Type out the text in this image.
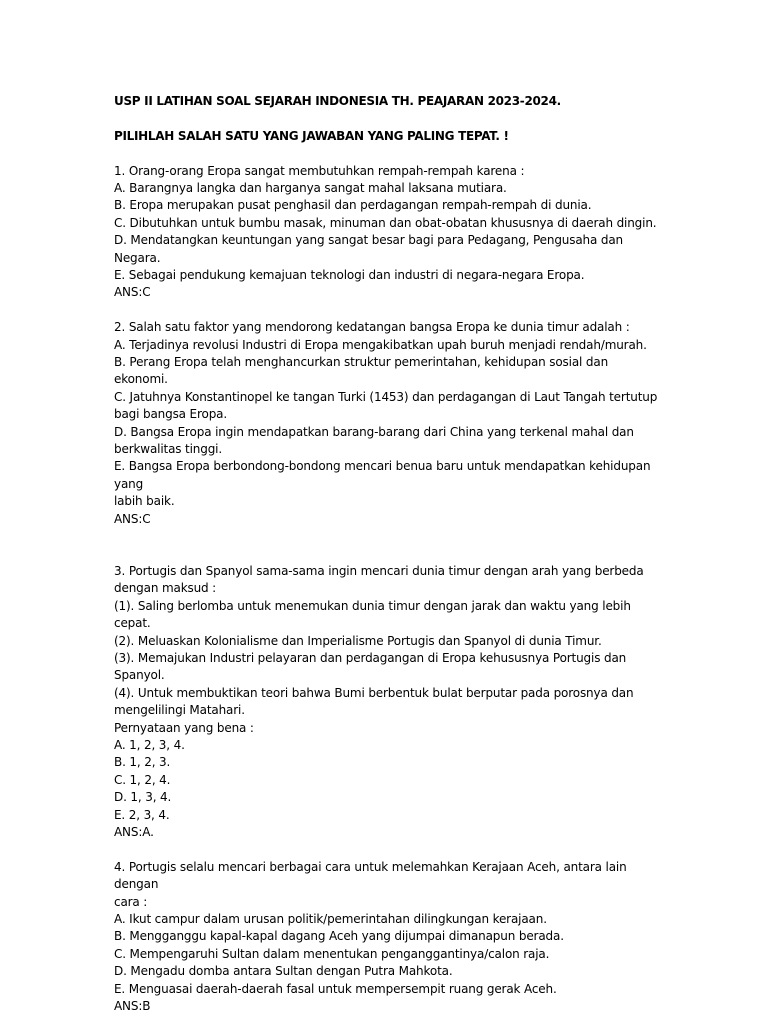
USP II LATIHAN SOAL SEJARAH INDONESIA TH. PEAJARAN 2023-2024.

PILIHLAH SALAH SATU YANG JAWABAN YANG PALING TEPAT. !

1. Orang-orang Eropa sangat membutuhkan rempah-rempah karena :
A. Barangnya langka dan harganya sangat mahal laksana mutiara.
B. Eropa merupakan pusat penghasil dan perdagangan rempah-rempah di dunia.
C. Dibutuhkan untuk bumbu masak, minuman dan obat-obatan khususnya di daerah dingin.
D. Mendatangkan keuntungan yang sangat besar bagi para Pedagang, Pengusaha dan Negara.
E. Sebagai pendukung kemajuan teknologi dan industri di negara-negara Eropa.
ANS:C
2. Salah satu faktor yang mendorong kedatangan bangsa Eropa ke dunia timur adalah :
A. Terjadinya revolusi Industri di Eropa mengakibatkan upah buruh menjadi rendah/murah.
B. Perang Eropa telah menghancurkan struktur pemerintahan, kehidupan sosial dan ekonomi.
C. Jatuhnya Konstantinopel ke tangan Turki (1453) dan perdagangan di Laut Tangah tertutup
bagi bangsa Eropa.
D. Bangsa Eropa ingin mendapatkan barang-barang dari China yang terkenal mahal dan
berkwalitas tinggi.
E. Bangsa Eropa berbondong-bondong mencari benua baru untuk mendapatkan kehidupan yang
labih baik.
ANS:C
3. Portugis dan Spanyol sama-sama ingin mencari dunia timur dengan arah yang berbeda
dengan maksud :
(1). Saling berlomba untuk menemukan dunia timur dengan jarak dan waktu yang lebih cepat.
(2). Meluaskan Kolonialisme dan Imperialisme Portugis dan Spanyol di dunia Timur.
(3). Memajukan Industri pelayaran dan perdagangan di Eropa kehususnya Portugis dan Spanyol.
(4). Untuk membuktikan teori bahwa Bumi berbentuk bulat berputar pada porosnya dan
mengelilingi Matahari.
Pernyataan yang bena :
A. 1, 2, 3, 4.
B. 1, 2, 3.
C. 1, 2, 4.
D. 1, 3, 4.
E. 2, 3, 4.
ANS:A.
4. Portugis selalu mencari berbagai cara untuk melemahkan Kerajaan Aceh, antara lain dengan
cara :
A. Ikut campur dalam urusan politik/pemerintahan dilingkungan kerajaan.
B. Mengganggu kapal-kapal dagang Aceh yang dijumpai dimanapun berada.
C. Mempengaruhi Sultan dalam menentukan penganggantinya/calon raja.
D. Mengadu domba antara Sultan dengan Putra Mahkota.
E. Menguasai daerah-daerah fasal untuk mempersempit ruang gerak Aceh.
ANS:B
